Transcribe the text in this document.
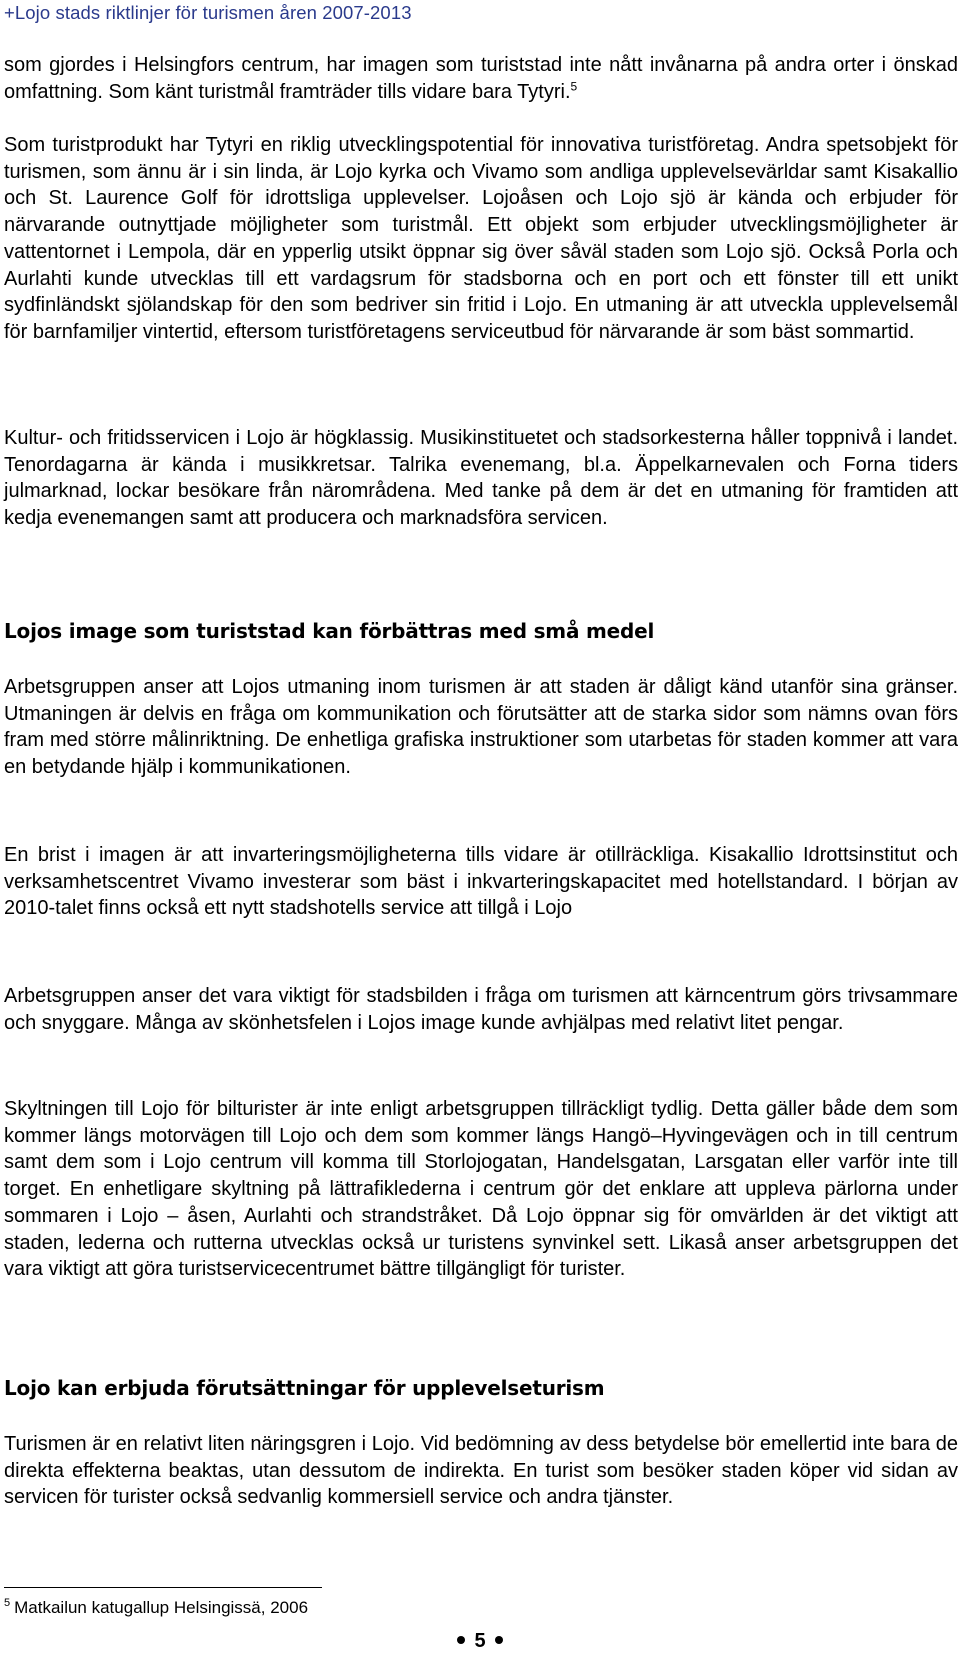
+Lojo stads riktlinjer för turismen åren 2007-2013

som gjordes i Helsingfors centrum, har imagen som turiststad inte nått invånarna på andra orter i önskad omfattning. Som känt turistmål framträder tills vidare bara Tytyri.$^5$

Som turistprodukt har Tytyri en riklig utvecklingspotential för innovativa turistföretag. Andra spetsobjekt för turismen, som ännu är i sin linda, är Lojo kyrka och Vivamo som andliga upplevelsevärldar samt Kisakallio och St. Laurence Golf för idrottsliga upplevelser. Lojoåsen och Lojo sjö är kända och erbjuder för närvarande outnyttjade möjligheter som turistmål. Ett objekt som erbjuder utvecklingsmöjligheter är vattentornet i Lempola, där en ypperlig utsikt öppnar sig över såväl staden som Lojo sjö. Också Porla och Aurlahti kunde utvecklas till ett vardagsrum för stadsborna och en port och ett fönster till ett unikt sydfinländskt sjölandskap för den som bedriver sin fritid i Lojo. En utmaning är att utveckla upplevelsemål för barnfamiljer vintertid, eftersom turistföretagens serviceutbud för närvarande är som bäst sommartid.

Kultur- och fritidsservicen i Lojo är högklassig. Musikinstituetet och stadsorkesterna håller toppnivå i landet. Tenordagarna är kända i musikkretsar. Talrika evenemang, bl.a. Äppelkarnevalen och Forna tiders julmarknad, lockar besökare från närområdena. Med tanke på dem är det en utmaning för framtiden att kedja evenemangen samt att producera och marknadsföra servicen.

Lojos image som turiststad kan förbättras med små medel

Arbetsgruppen anser att Lojos utmaning inom turismen är att staden är dåligt känd utanför sina gränser. Utmaningen är delvis en fråga om kommunikation och förutsätter att de starka sidor som nämns ovan förs fram med större målinriktning. De enhetliga grafiska instruktioner som utarbetas för staden kommer att vara en betydande hjälp i kommunikationen.

En brist i imagen är att invarteringsmöjligheterna tills vidare är otillräckliga. Kisakallio Idrottsinstitut och verksamhetscentret Vivamo investerar som bäst i inkvarteringskapacitet med hotellstandard. I början av 2010-talet finns också ett nytt stadshotells service att tillgå i Lojo

Arbetsgruppen anser det vara viktigt för stadsbilden i fråga om turismen att kärncentrum görs trivsammare och snyggare. Många av skönhetsfelen i Lojos image kunde avhjälpas med relativt litet pengar.

Skyltningen till Lojo för bilturister är inte enligt arbetsgruppen tillräckligt tydlig. Detta gäller både dem som kommer längs motorvägen till Lojo och dem som kommer längs Hangö–Hyvingevägen och in till centrum samt dem som i Lojo centrum vill komma till Storlojogatan, Handelsgatan, Larsgatan eller varför inte till torget. En enhetligare skyltning på lättrafiklederna i centrum gör det enklare att uppleva pärlorna under sommaren i Lojo – åsen, Aurlahti och strandstråket. Då Lojo öppnar sig för omvärlden är det viktigt att staden, lederna och rutterna utvecklas också ur turistens synvinkel sett. Likaså anser arbetsgruppen det vara viktigt att göra turistservicecentrumet bättre tillgängligt för turister.

Lojo kan erbjuda förutsättningar för upplevelseturism

Turismen är en relativt liten näringsgren i Lojo. Vid bedömning av dess betydelse bör emellertid inte bara de direkta effekterna beaktas, utan dessutom de indirekta. En turist som besöker staden köper vid sidan av servicen för turister också sedvanlig kommersiell service och andra tjänster.

$^5$ Matkailun katugallup Helsingissä, 2006
5
